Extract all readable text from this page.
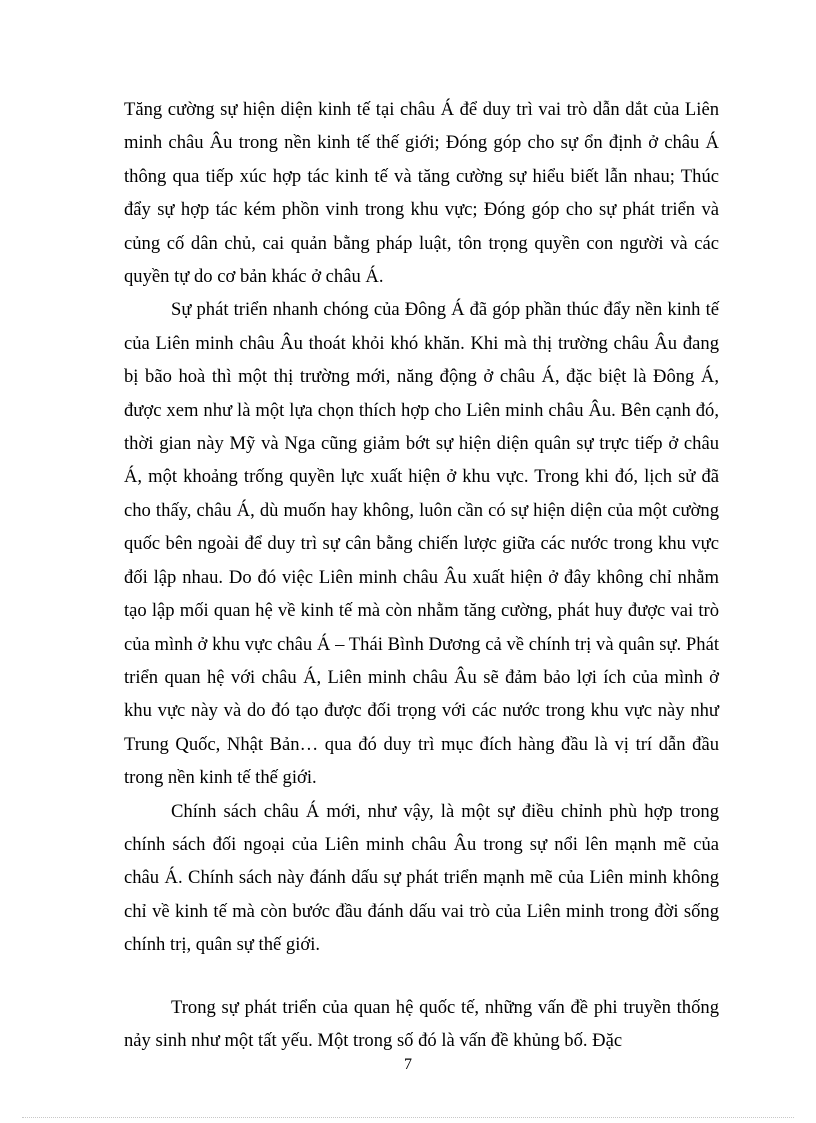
Tăng cường sự hiện diện kinh tế tại châu Á để duy trì vai trò dẫn dắt của Liên minh châu Âu trong nền kinh tế thế giới; Đóng góp cho sự ổn định ở châu Á thông qua tiếp xúc hợp tác kinh tế và tăng cường sự hiểu biết lẫn nhau; Thúc đẩy sự hợp tác kém phồn vinh trong khu vực; Đóng góp cho sự phát triển và củng cố dân chủ, cai quản bằng pháp luật, tôn trọng quyền con người và các quyền tự do cơ bản khác ở châu Á.

Sự phát triển nhanh chóng của Đông Á đã góp phần thúc đẩy nền kinh tế của Liên minh châu Âu thoát khỏi khó khăn. Khi mà thị trường châu Âu đang bị bão hoà thì một thị trường mới, năng động ở châu Á, đặc biệt là Đông Á, được xem như là một lựa chọn thích hợp cho Liên minh châu Âu. Bên cạnh đó, thời gian này Mỹ và Nga cũng giảm bớt sự hiện diện quân sự trực tiếp ở châu Á, một khoảng trống quyền lực xuất hiện ở khu vực. Trong khi đó, lịch sử đã cho thấy, châu Á, dù muốn hay không, luôn cần có sự hiện diện của một cường quốc bên ngoài để duy trì sự cân bằng chiến lược giữa các nước trong khu vực đối lập nhau. Do đó việc Liên minh châu Âu xuất hiện ở đây không chỉ nhằm tạo lập mối quan hệ về kinh tế mà còn nhằm tăng cường, phát huy được vai trò của mình ở khu vực châu Á – Thái Bình Dương cả về chính trị và quân sự. Phát triển quan hệ với châu Á, Liên minh châu Âu sẽ đảm bảo lợi ích của mình ở khu vực này và do đó tạo được đối trọng với các nước trong khu vực này như Trung Quốc, Nhật Bản… qua đó duy trì mục đích hàng đầu là vị trí dẫn đầu trong nền kinh tế thế giới.

Chính sách châu Á mới, như vậy, là một sự điều chỉnh phù hợp trong chính sách đối ngoại của Liên minh châu Âu trong sự nổi lên mạnh mẽ của châu Á. Chính sách này đánh dấu sự phát triển mạnh mẽ của Liên minh không chỉ về kinh tế mà còn bước đầu đánh dấu vai trò của Liên minh trong đời sống chính trị, quân sự thế giới.

Trong sự phát triển của quan hệ quốc tế, những vấn đề phi truyền thống nảy sinh như một tất yếu. Một trong số đó là vấn đề khủng bố. Đặc

7
